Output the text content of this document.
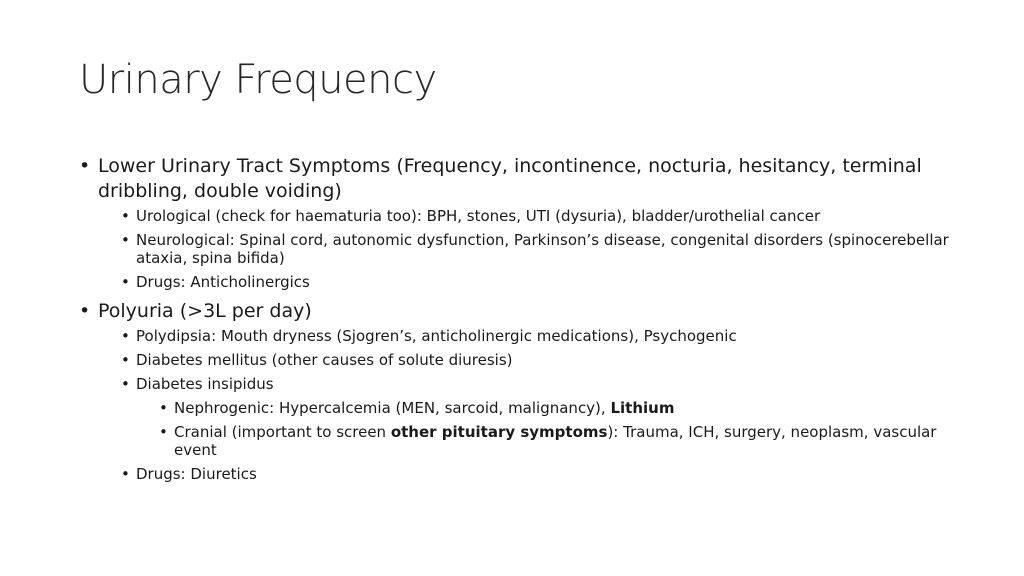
Urinary Frequency
• Lower Urinary Tract Symptoms (Frequency, incontinence, nocturia, hesitancy, terminal dribbling, double voiding)
• Urological (check for haematuria too): BPH, stones, UTI (dysuria), bladder/urothelial cancer
• Neurological: Spinal cord, autonomic dysfunction, Parkinson’s disease, congenital disorders (spinocerebellar ataxia, spina bifida)
• Drugs: Anticholinergics
• Polyuria (>3L per day)
• Polydipsia: Mouth dryness (Sjogren’s, anticholinergic medications), Psychogenic
• Diabetes mellitus (other causes of solute diuresis)
• Diabetes insipidus
• Nephrogenic: Hypercalcemia (MEN, sarcoid, malignancy), Lithium
• Cranial (important to screen other pituitary symptoms): Trauma, ICH, surgery, neoplasm, vascular event
• Drugs: Diuretics
